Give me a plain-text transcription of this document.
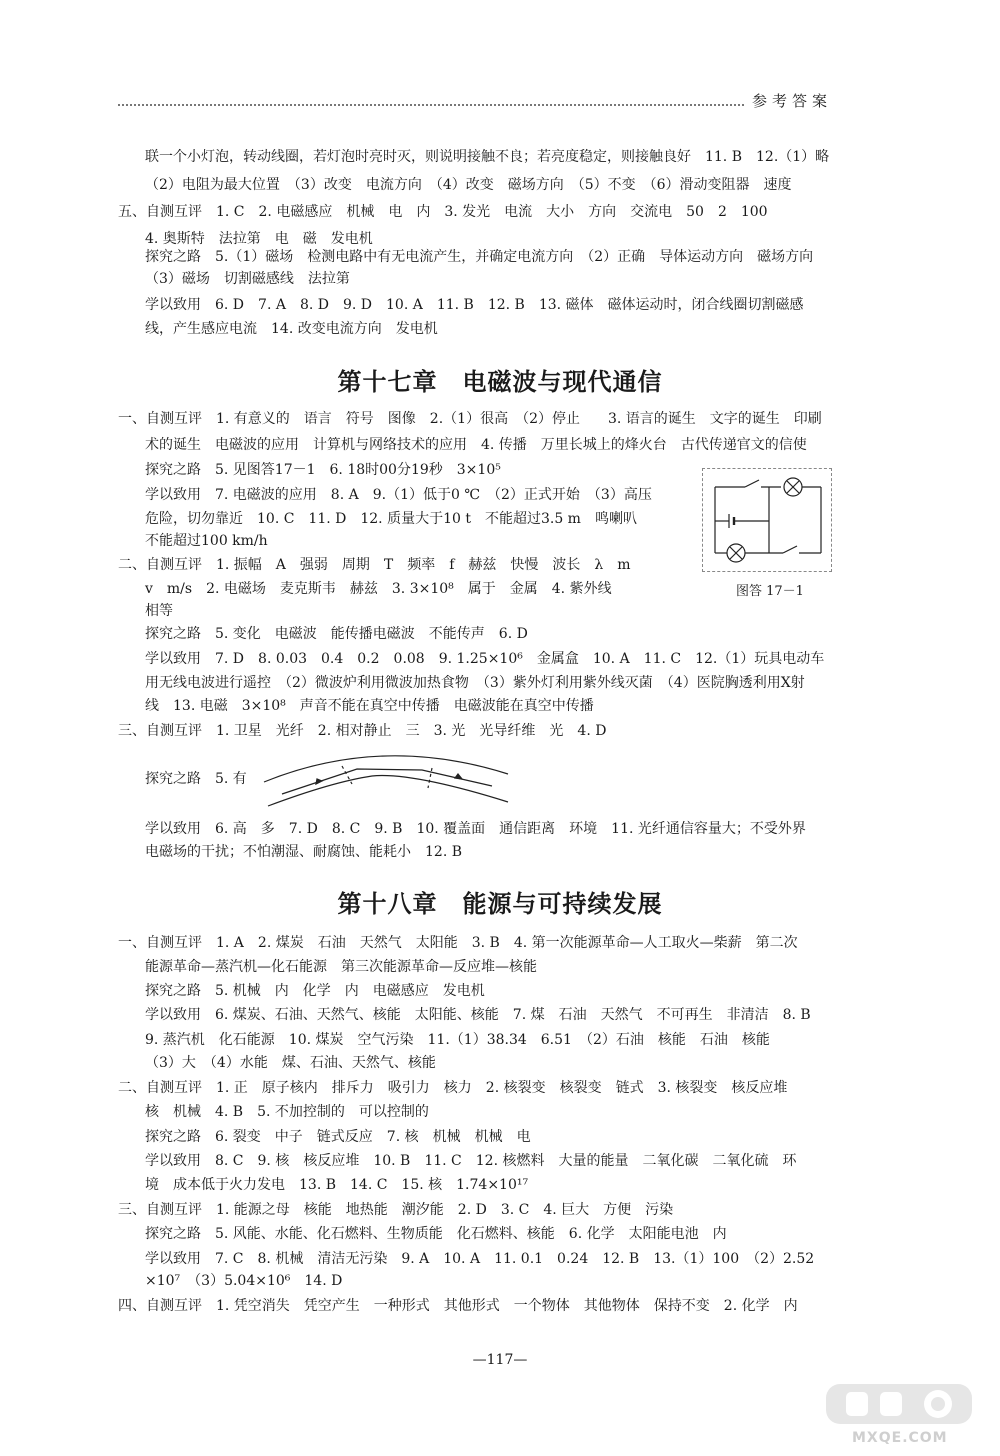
参考答案
联一个小灯泡，转动线圈，若灯泡时亮时灭，则说明接触不良；若亮度稳定，则接触良好　11. B　12.（1）略
（2）电阻为最大位置　（3）改变　电流方向　（4）改变　磁场方向　（5）不变　（6）滑动变阻器　速度
五、自测互评　1. C　2. 电磁感应　机械　电　内　3. 发光　电流　大小　方向　交流电　50　2　100
4. 奥斯特　法拉第　电　磁　发电机
探究之路　5.（1）磁场　检测电路中有无电流产生，并确定电流方向　（2）正确　导体运动方向　磁场方向
（3）磁场　切割磁感线　法拉第
学以致用　6. D　7. A　8. D　9. D　10. A　11. B　12. B　13. 磁体　磁体运动时，闭合线圈切割磁感
线，产生感应电流　14. 改变电流方向　发电机
第十七章　电磁波与现代通信
一、自测互评　1. 有意义的　语言　符号　图像　2.（1）很高　（2）停止　　3. 语言的诞生　文字的诞生　印刷
术的诞生　电磁波的应用　计算机与网络技术的应用　4. 传播　万里长城上的烽火台　古代传递官文的信使
探究之路　5. 见图答17－1　6. 18时00分19秒　3×10⁵
学以致用　7. 电磁波的应用　8. A　9.（1）低于0 ℃　（2）正式开始　（3）高压
危险，切勿靠近　10. C　11. D　12. 质量大于10 t　不能超过3.5 m　鸣喇叭
不能超过100 km/h
二、自测互评　1. 振幅　A　强弱　周期　T　频率　f　赫兹　快慢　波长　λ　m
v　m/s　2. 电磁场　麦克斯韦　赫兹　3. 3×10⁸　属于　金属　4. 紫外线
相等
探究之路　5. 变化　电磁波　能传播电磁波　不能传声　6. D
学以致用　7. D　8. 0.03　0.4　0.2　0.08　9. 1.25×10⁶　金属盒　10. A　11. C　12.（1）玩具电动车
用无线电波进行遥控　（2）微波炉利用微波加热食物　（3）紫外灯利用紫外线灭菌　（4）医院胸透利用X射
线　13. 电磁　3×10⁸　声音不能在真空中传播　电磁波能在真空中传播
三、自测互评　1. 卫星　光纤　2. 相对静止　三　3. 光　光导纤维　光　4. D
探究之路　5. 有
学以致用　6. 高　多　7. D　8. C　9. B　10. 覆盖面　通信距离　环境　11. 光纤通信容量大；不受外界
电磁场的干扰；不怕潮湿、耐腐蚀、能耗小　12. B
图答 17－1
第十八章　能源与可持续发展
一、自测互评　1. A　2. 煤炭　石油　天然气　太阳能　3. B　4. 第一次能源革命—人工取火—柴薪　第二次
能源革命—蒸汽机—化石能源　第三次能源革命—反应堆—核能
探究之路　5. 机械　内　化学　内　电磁感应　发电机
学以致用　6. 煤炭、石油、天然气、核能　太阳能、核能　7. 煤　石油　天然气　不可再生　非清洁　8. B
9. 蒸汽机　化石能源　10. 煤炭　空气污染　11.（1）38.34　6.51　（2）石油　核能　石油　核能
（3）大　（4）水能　煤、石油、天然气、核能
二、自测互评　1. 正　原子核内　排斥力　吸引力　核力　2. 核裂变　核裂变　链式　3. 核裂变　核反应堆
核　机械　4. B　5. 不加控制的　可以控制的
探究之路　6. 裂变　中子　链式反应　7. 核　机械　机械　电
学以致用　8. C　9. 核　核反应堆　10. B　11. C　12. 核燃料　大量的能量　二氧化碳　二氧化硫　环
境　成本低于火力发电　13. B　14. C　15. 核　1.74×10¹⁷
三、自测互评　1. 能源之母　核能　地热能　潮汐能　2. D　3. C　4. 巨大　方便　污染
探究之路　5. 风能、水能、化石燃料、生物质能　化石燃料、核能　6. 化学　太阳能电池　内
学以致用　7. C　8. 机械　清洁无污染　9. A　10. A　11. 0.1　0.24　12. B　13.（1）100　（2）2.52
×10⁷　（3）5.04×10⁶　14. D
四、自测互评　1. 凭空消失　凭空产生　一种形式　其他形式　一个物体　其他物体　保持不变　2. 化学　内
—117—
MXQE.COM
